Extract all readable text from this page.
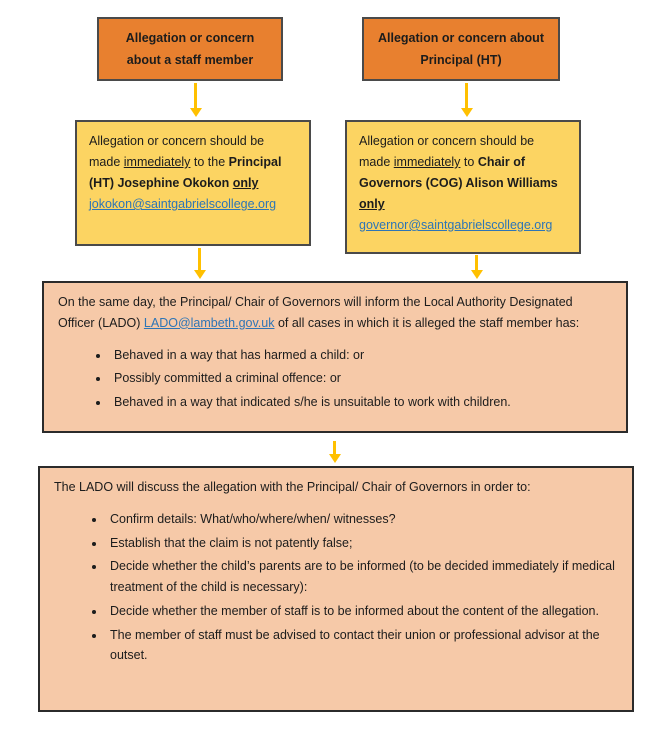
Allegation or concern about a staff member
Allegation or concern about Principal (HT)

Allegation or concern should be made immediately to the Principal (HT) Josephine Okokon only
jokokon@saintgabrielscollege.org

Allegation or concern should be made immediately to Chair of Governors (COG) Alison Williams only
governor@saintgabrielscollege.org

On the same day, the Principal/ Chair of Governors will inform the Local Authority Designated Officer (LADO) LADO@lambeth.gov.uk of all cases in which it is alleged the staff member has:

• Behaved in a way that has harmed a child: or
• Possibly committed a criminal offence: or
• Behaved in a way that indicated s/he is unsuitable to work with children.

The LADO will discuss the allegation with the Principal/ Chair of Governors in order to:

• Confirm details: What/who/where/when/ witnesses?
• Establish that the claim is not patently false;
• Decide whether the child’s parents are to be informed (to be decided immediately if medical treatment of the child is necessary):
• Decide whether the member of staff is to be informed about the content of the allegation.
• The member of staff must be advised to contact their union or professional advisor at the outset.
